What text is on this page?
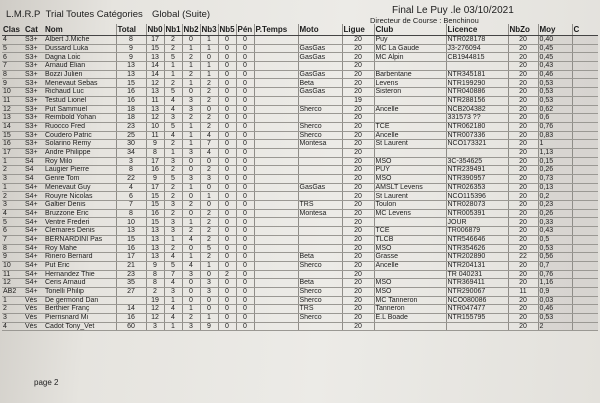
L.M.R.P Trial Toutes Catégories Global (Suite)	Final Le Puy .le 03/10/2021
Directeur de Course : Benchinou
Clas	Cat	Nom	Total	Nb0	Nb1	Nb2	Nb3	Nb5	Pén	P.Temps	Moto	Ligue	Club	Licence	NbZo	Moy	C
4	S3+	Albert J.Miche	8	17	2	0	1	0	0			20	Puy	NTR028178	20	0,40	
5	S3+	Dussard Luka	9	15	2	1	1	0	0		GasGas	20	MC La Gaude	J3-276094	20	0,45	
6	S3+	Dagna Loic	9	13	5	2	0	0	0		GasGas	20	MC Alpin	CB1944815	20	0,45	
7	S3+	Arnaud Elian	13	14	1	1	1	0	0			20			20	0,43	
8	S3+	Bozzi Julien	13	14	1	2	1	0	0		GasGas	20	Barbentane	NTR345181	20	0,46	
9	S3+	Menevaut Sebas	15	12	2	1	2	0	0		Beta	20	Levens	NTR199290	20	0,53	
10	S3+	Richaud Luc	16	13	5	0	2	0	0		GasGas	20	Sisteron	NTR040886	20	0,53	
11	S3+	Testud Lionel	16	11	4	3	2	0	0			19		NTR288156	20	0,53	
12	S3+	Put Sammuel	18	13	4	3	0	0	0		Sherco	20	Ancelle	NCB204382	20	0,62	
13	S3+	Reimbold Yohan	18	12	3	2	2	0	0			20		331573 ??	20	0,6	
14	S3+	Ruocco Fred	23	10	5	1	2	0	0		Sherco	20	TCE	NTR062180	20	0,76	
15	S3+	Coudero Patric	25	11	4	1	4	0	0		Sherco	20	Ancelle	NTR007336	20	0,83	
16	S3+	Solarino Remy	30	9	2	1	7	0	0		Montesa	20	St Laurent	NCO173321	20	1	
17	S3+	Andre Philippe	34	8	1	3	4	0	0			20			20	1,13	
1	S4	Roy Milo	3	17	3	0	0	0	0			20	MSO	3C-354625	20	0,15	
2	S4	Laugier Pierre	8	16	2	0	2	0	0			20	PUY	NTR239491	20	0,26	
3	S4	Genre Tom	22	9	5	3	3	0	0			20	MSO	NTR390957	20	0,73	
1	S4+	Menevaut Guy	4	17	2	1	0	0	0		GasGas	20	AMSLT Levens	NTR026353	20	0,13	
2	S4+	Rouyre Nicolas	6	15	2	0	1	0	0			20	St Laurent	NCO115396	20	0,2	
3	S4+	Galtier Denis	7	15	3	2	0	0	0		TRS	20	Toulon	NTR028073	20	0,23	
4	S4+	Bruzzone Eric	8	16	2	0	2	0	0		Montesa	20	MC Levens	NTR005391	20	0,26	
5	S4+	Ventre Frederi	10	15	3	1	2	0	0			20		JOUR	20	0,33	
6	S4+	Clemares Denis	13	13	3	2	2	0	0			20	TCE	TR006879	20	0,43	
7	S4+	BERNARDINI Pas	15	13	1	4	2	0	0			20	TLCB	NTR546646	20	0,5	
8	S4+	Roy Mahe	16	13	2	0	5	0	0			20	MSO	NTR354626	20	0,53	
9	S4+	Rinero Bernard	17	13	4	1	2	0	0		Beta	20	Grasse	NTR202890	22	0,56	
10	S4+	Put Eric	21	9	5	4	1	0	0		Sherco	20	Ancelle	NTR204131	20	0,7	
11	S4+	Hernandez Thie	23	8	7	3	0	2	0			20		TR 040231	20	0,76	
12	S4+	Ceris Arnaud	35	8	4	0	3	0	0		Beta	20	MSO	NTR369411	20	1,16	
AB2	S4+	Tonelli Philip	27	2	3	0	3	0	0		Sherco	20	MSO	NTR290067	11	0,9	
1	Vés	De germond Dan		19	1	0	0	0	0		Sherco	20	MC Tanneron	NCO080086	20	0,03	
2	Vés	Berthier Franç	14	12	4	1	0	0	0		TRS	20	Tanneron	NTR047477	20	0,46	
3	Vés	Pierrisnard Mi	16	12	4	2	1	0	0		Sherco	20	E.L Boade	NTR155795	20	0,53	
4	Vés	Cadot Tony_Vet	60	3	1	3	9	0	0			20			20	2	
page 2
